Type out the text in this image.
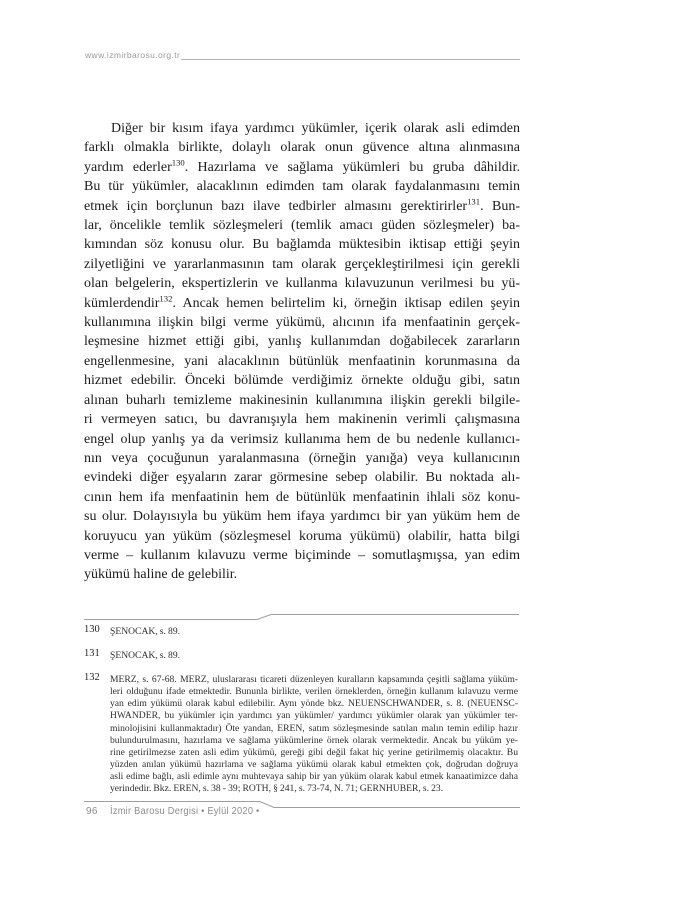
www.izmirbarosu.org.tr
Diğer bir kısım ifaya yardımcı yükümler, içerik olarak asli edimden
farklı olmakla birlikte, dolaylı olarak onun güvence altına alınmasına
yardım ederler$^{130}$. Hazırlama ve sağlama yükümleri bu gruba dâhildir.
Bu tür yükümler, alacaklının edimden tam olarak faydalanmasını temin
etmek için borçlunun bazı ilave tedbirler almasını gerektirirler$^{131}$. Bun-
lar, öncelikle temlik sözleşmeleri (temlik amacı güden sözleşmeler) ba-
kımından söz konusu olur. Bu bağlamda müktesibin iktisap ettiği şeyin
zilyetliğini ve yararlanmasının tam olarak gerçekleştirilmesi için gerekli
olan belgelerin, ekspertizlerin ve kullanma kılavuzunun verilmesi bu yü-
kümlerdendir$^{132}$. Ancak hemen belirtelim ki, örneğin iktisap edilen şeyin
kullanımına ilişkin bilgi verme yükümü, alıcının ifa menfaatinin gerçek-
leşmesine hizmet ettiği gibi, yanlış kullanımdan doğabilecek zararların
engellenmesine, yani alacaklının bütünlük menfaatinin korunmasına da
hizmet edebilir. Önceki bölümde verdiğimiz örnekte olduğu gibi, satın
alınan buharlı temizleme makinesinin kullanımına ilişkin gerekli bilgile-
ri vermeyen satıcı, bu davranışıyla hem makinenin verimli çalışmasına
engel olup yanlış ya da verimsiz kullanıma hem de bu nedenle kullanıcı-
nın veya çocuğunun yaralanmasına (örneğin yanığa) veya kullanıcının
evindeki diğer eşyaların zarar görmesine sebep olabilir. Bu noktada alı-
cının hem ifa menfaatinin hem de bütünlük menfaatinin ihlali söz konu-
su olur. Dolayısıyla bu yüküm hem ifaya yardımcı bir yan yüküm hem de
koruyucu yan yüküm (sözleşmesel koruma yükümü) olabilir, hatta bilgi
verme – kullanım kılavuzu verme biçiminde – somutlaşmışsa, yan edim
yükümü haline de gelebilir.
130	ŞENOCAK, s. 89.
131	ŞENOCAK, s. 89.
132	MERZ, s. 67-68. MERZ, uluslararası ticareti düzenleyen kuralların kapsamında çeşitli sağlama yüküm-
leri olduğunu ifade etmektedir. Bununla birlikte, verilen örneklerden, örneğin kullanım kılavuzu verme
yan edim yükümü olarak kabul edilebilir. Aynı yönde bkz. NEUENSCHWANDER, s. 8. (NEUENSC-
HWANDER, bu yükümler için yardımcı yan yükümler/ yardımcı yükümler olarak yan yükümler ter-
minolojisini kullanmaktadır) Öte yandan, EREN, satım sözleşmesinde satılan malın temin edilip hazır
bulundurulmasını, hazırlama ve sağlama yükümlerine örnek olarak vermektedir. Ancak bu yüküm ye-
rine getirilmezse zaten asli edim yükümü, gereği gibi değil fakat hiç yerine getirilmemiş olacaktır. Bu
yüzden anılan yükümü hazırlama ve sağlama yükümü olarak kabul etmekten çok, doğrudan doğruya
asli edime bağlı, asli edimle aynı muhtevaya sahip bir yan yüküm olarak kabul etmek kanaatimizce daha
yerindedir. Bkz. EREN, s. 38 - 39; ROTH, § 241, s. 73-74, N. 71; GERNHUBER, s. 23.
96 İzmir Barosu Dergisi • Eylül 2020 •
